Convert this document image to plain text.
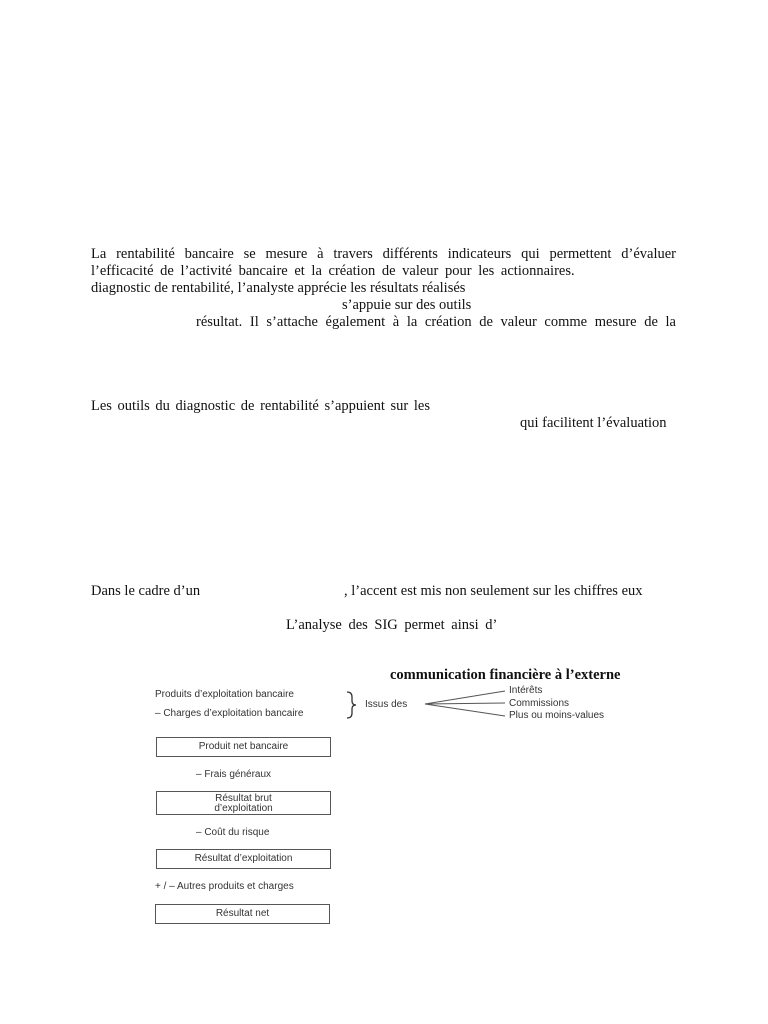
La rentabilité bancaire se mesure à travers différents indicateurs qui permettent d’évaluer
l’efficacité de l’activité bancaire et la création de valeur pour les actionnaires.
diagnostic de rentabilité, l’analyste apprécie les résultats réalisés
s’appuie sur des outils
résultat. Il s’attache également à la création de valeur comme mesure de la
Les outils du diagnostic de rentabilité s’appuient sur les
qui facilitent l’évaluation
Dans le cadre d’un	, l’accent est mis non seulement sur les chiffres eux
L’analyse des SIG permet ainsi d’
communication financière à l’externe
Produits d’exploitation bancaire
– Charges d’exploitation bancaire
Issus des
Intérêts
Commissions
Plus ou moins-values
Produit net bancaire
– Frais généraux
Résultat brut
d’exploitation
– Coût du risque
Résultat d’exploitation
+ / – Autres produits et charges
Résultat net
